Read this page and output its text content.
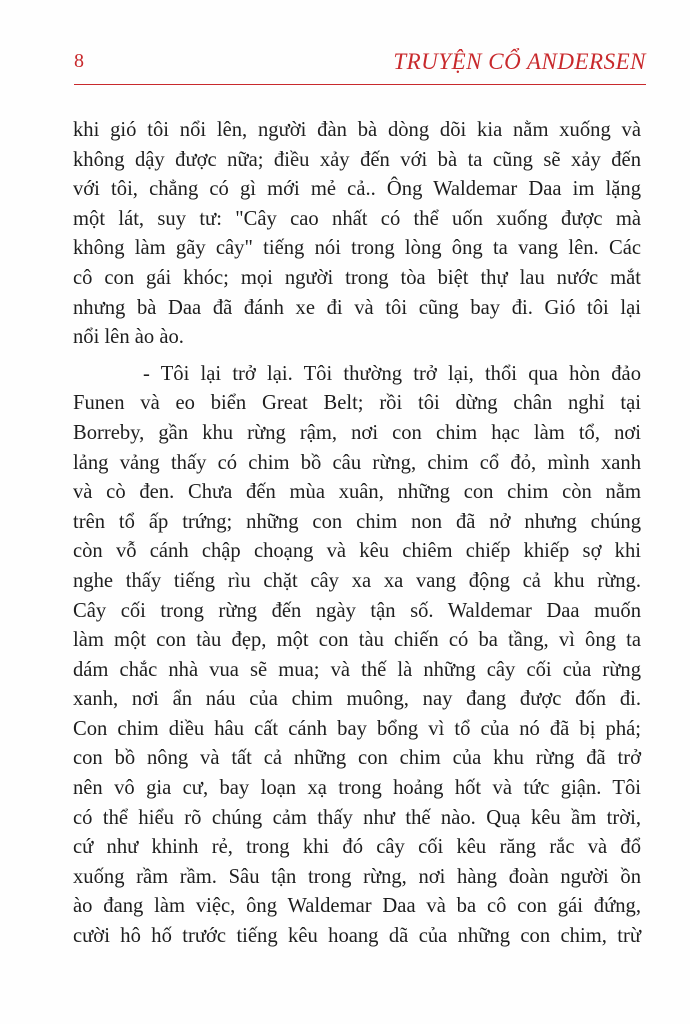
8	TRUYỆN CỔ ANDERSEN

khi gió tôi nổi lên, người đàn bà dòng dõi kia nằm xuống và
không dậy được nữa; điều xảy đến với bà ta cũng sẽ xảy đến
với tôi, chẳng có gì mới mẻ cả.. Ông Waldemar Daa im lặng
một lát, suy tư: "Cây cao nhất có thể uốn xuống được mà
không làm gãy cây" tiếng nói trong lòng ông ta vang lên. Các
cô con gái khóc; mọi người trong tòa biệt thự lau nước mắt
nhưng bà Daa đã đánh xe đi và tôi cũng bay đi. Gió tôi lại
nổi lên ào ào.

- Tôi lại trở lại. Tôi thường trở lại, thổi qua hòn đảo
Funen và eo biển Great Belt; rồi tôi dừng chân nghỉ tại
Borreby, gần khu rừng rậm, nơi con chim hạc làm tổ, nơi
lảng vảng thấy có chim bồ câu rừng, chim cổ đỏ, mình xanh
và cò đen. Chưa đến mùa xuân, những con chim còn nằm
trên tổ ấp trứng; những con chim non đã nở nhưng chúng
còn vỗ cánh chập choạng và kêu chiêm chiếp khiếp sợ khi
nghe thấy tiếng rìu chặt cây xa xa vang động cả khu rừng.
Cây cối trong rừng đến ngày tận số. Waldemar Daa muốn
làm một con tàu đẹp, một con tàu chiến có ba tầng, vì ông ta
dám chắc nhà vua sẽ mua; và thế là những cây cối của rừng
xanh, nơi ẩn náu của chim muông, nay đang được đốn đi.
Con chim diều hâu cất cánh bay bổng vì tổ của nó đã bị phá;
con bồ nông và tất cả những con chim của khu rừng đã trở
nên vô gia cư, bay loạn xạ trong hoảng hốt và tức giận. Tôi
có thể hiểu rõ chúng cảm thấy như thế nào. Quạ kêu ầm trời,
cứ như khinh rẻ, trong khi đó cây cối kêu răng rắc và đổ
xuống rầm rầm. Sâu tận trong rừng, nơi hàng đoàn người ồn
ào đang làm việc, ông Waldemar Daa và ba cô con gái đứng,
cười hô hố trước tiếng kêu hoang dã của những con chim, trừ
